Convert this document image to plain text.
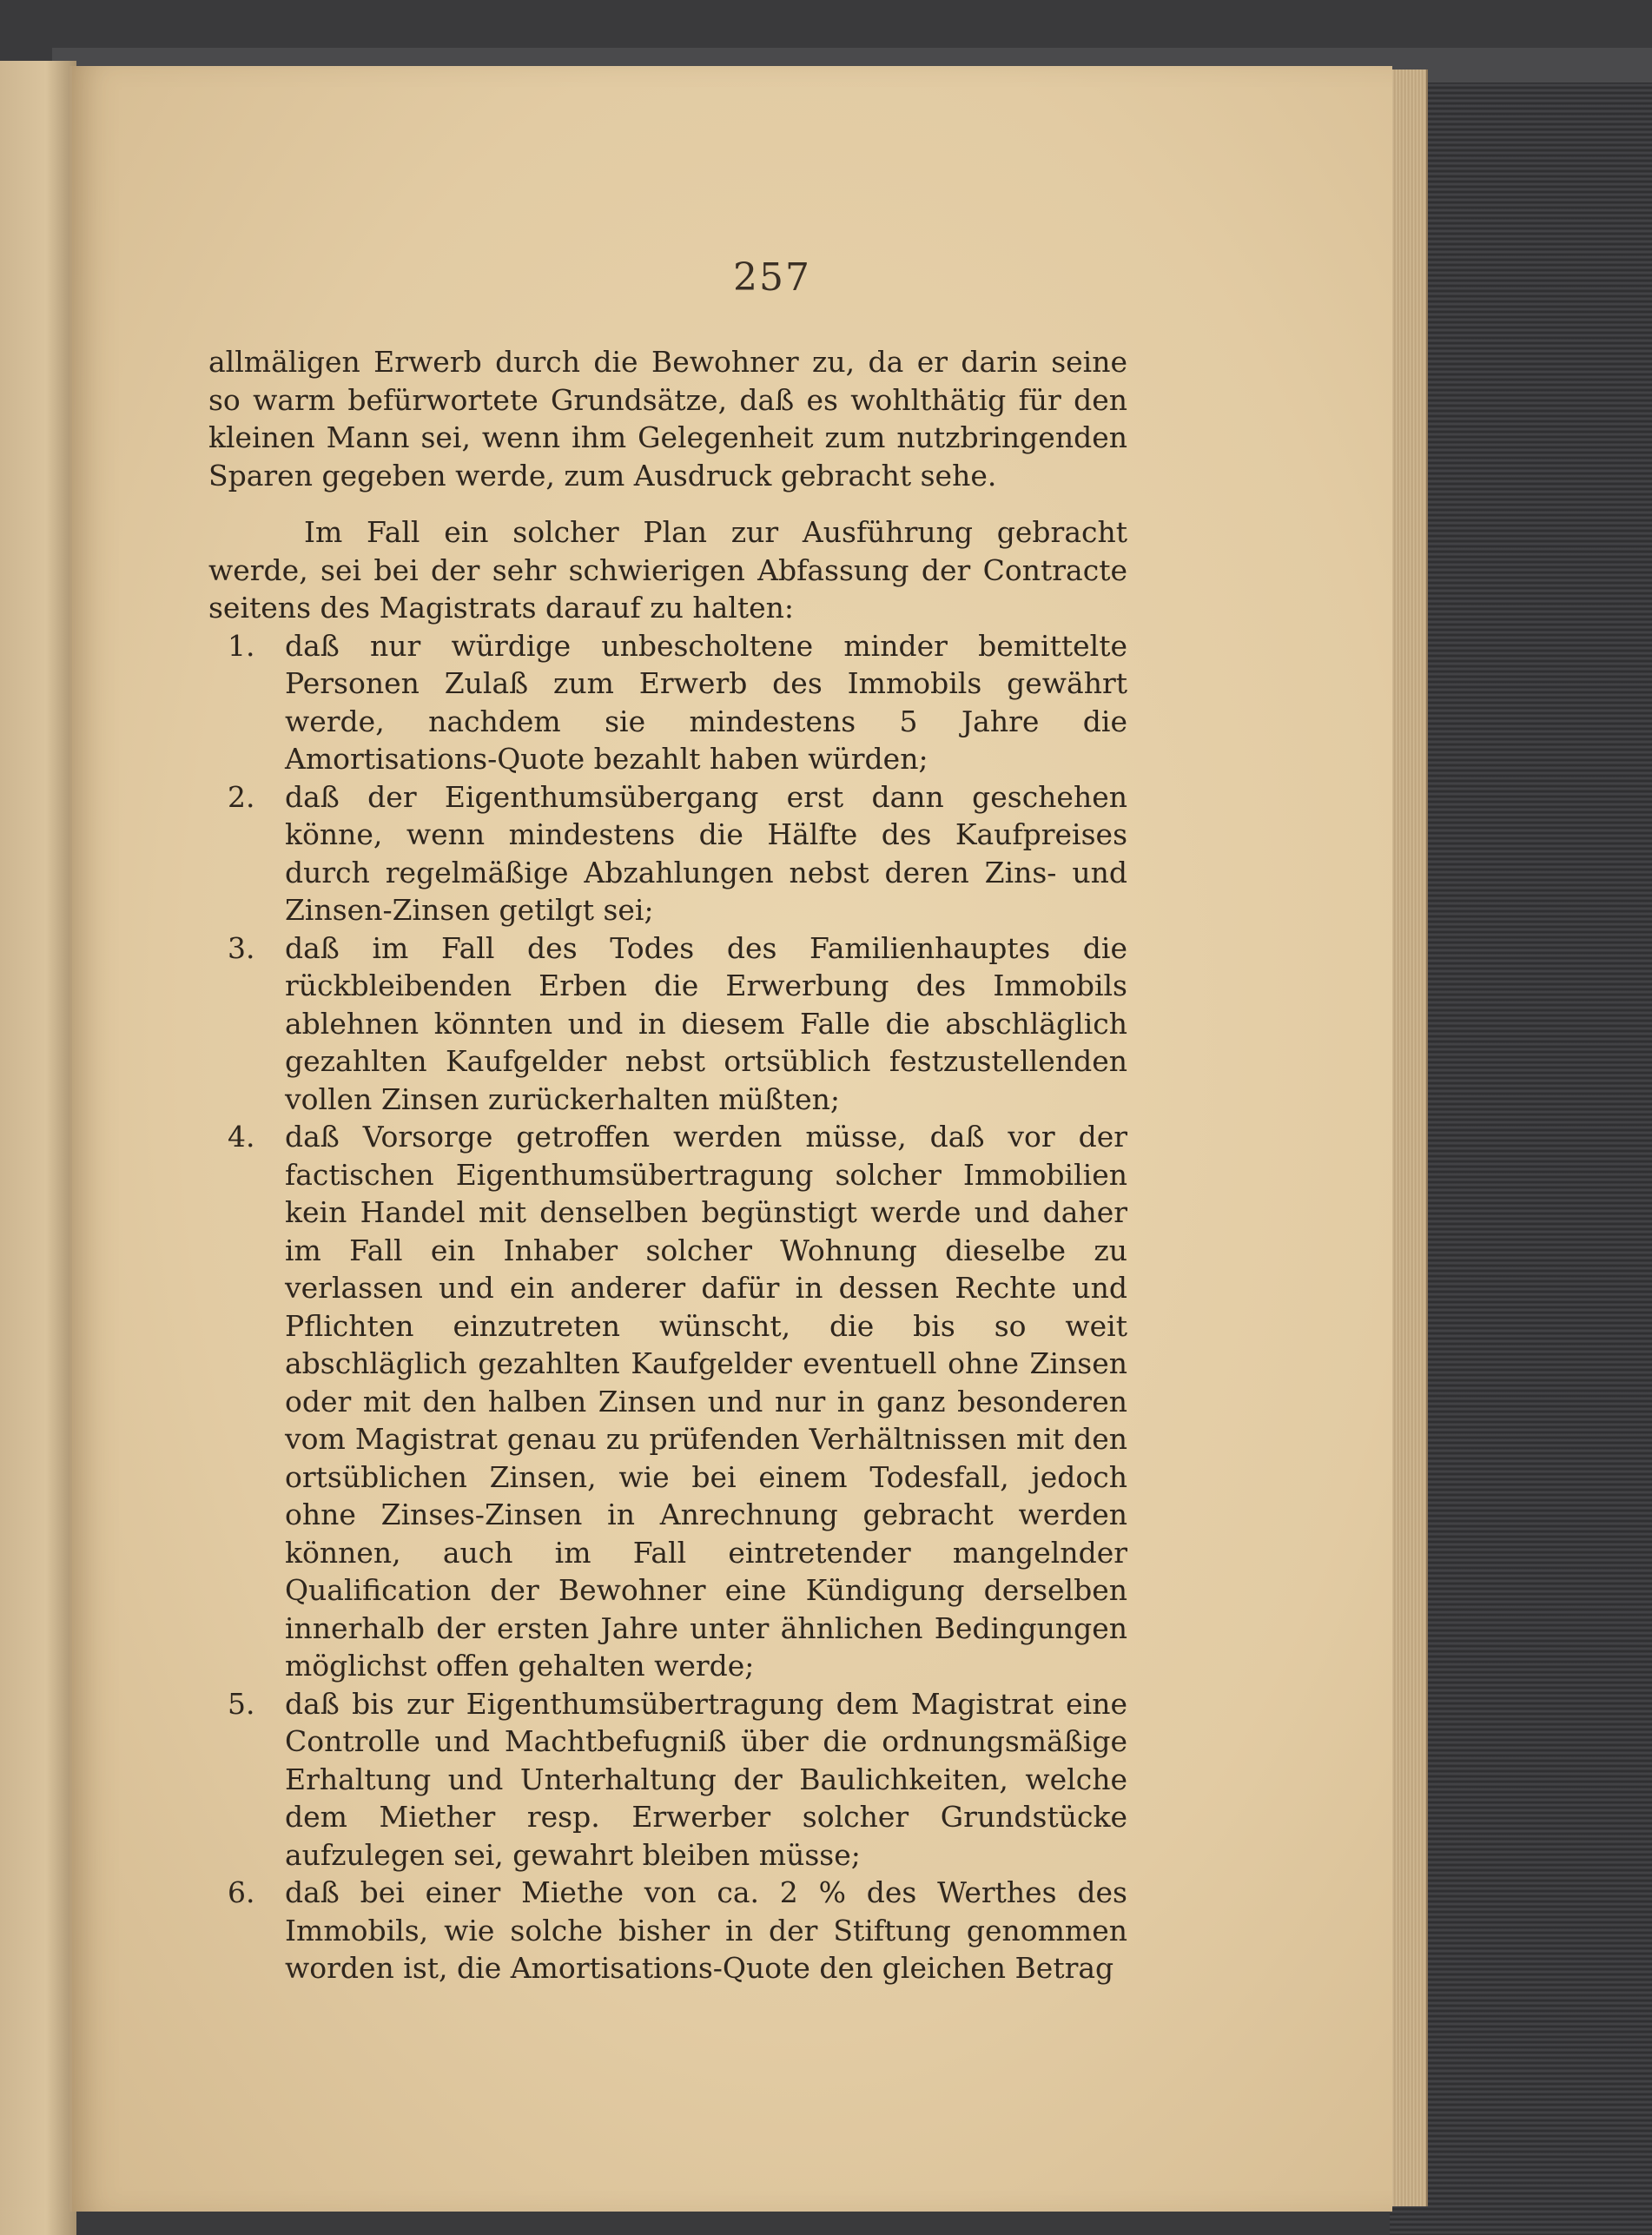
257

allmäligen Erwerb durch die Bewohner zu, da er darin seine so warm befürwortete Grundsätze, daß es wohlthätig für den kleinen Mann sei, wenn ihm Gelegenheit zum nutzbringenden Sparen gegeben werde, zum Ausdruck gebracht sehe.

Im Fall ein solcher Plan zur Ausführung gebracht werde, sei bei der sehr schwierigen Abfassung der Contracte seitens des Magistrats darauf zu halten:

1. daß nur würdige unbescholtene minder bemittelte Personen Zulaß zum Erwerb des Immobils gewährt werde, nachdem sie mindestens 5 Jahre die Amortisations-Quote bezahlt haben würden;
2. daß der Eigenthumsübergang erst dann geschehen könne, wenn mindestens die Hälfte des Kaufpreises durch regelmäßige Abzahlungen nebst deren Zins- und Zinsen-Zinsen getilgt sei;
3. daß im Fall des Todes des Familienhauptes die rückbleibenden Erben die Erwerbung des Immobils ablehnen könnten und in diesem Falle die abschläglich gezahlten Kaufgelder nebst ortsüblich festzustellenden vollen Zinsen zurückerhalten müßten;
4. daß Vorsorge getroffen werden müsse, daß vor der factischen Eigenthumsübertragung solcher Immobilien kein Handel mit denselben begünstigt werde und daher im Fall ein Inhaber solcher Wohnung dieselbe zu verlassen und ein anderer dafür in dessen Rechte und Pflichten einzutreten wünscht, die bis so weit abschläglich gezahlten Kaufgelder eventuell ohne Zinsen oder mit den halben Zinsen und nur in ganz besonderen vom Magistrat genau zu prüfenden Verhältnissen mit den ortsüblichen Zinsen, wie bei einem Todesfall, jedoch ohne Zinses-Zinsen in Anrechnung gebracht werden können, auch im Fall eintretender mangelnder Qualification der Bewohner eine Kündigung derselben innerhalb der ersten Jahre unter ähnlichen Bedingungen möglichst offen gehalten werde;
5. daß bis zur Eigenthumsübertragung dem Magistrat eine Controlle und Machtbefugniß über die ordnungsmäßige Erhaltung und Unterhaltung der Baulichkeiten, welche dem Miether resp. Erwerber solcher Grundstücke aufzulegen sei, gewahrt bleiben müsse;
6. daß bei einer Miethe von ca. 2 % des Werthes des Immobils, wie solche bisher in der Stiftung genommen worden ist, die Amortisations-Quote den gleichen Betrag
